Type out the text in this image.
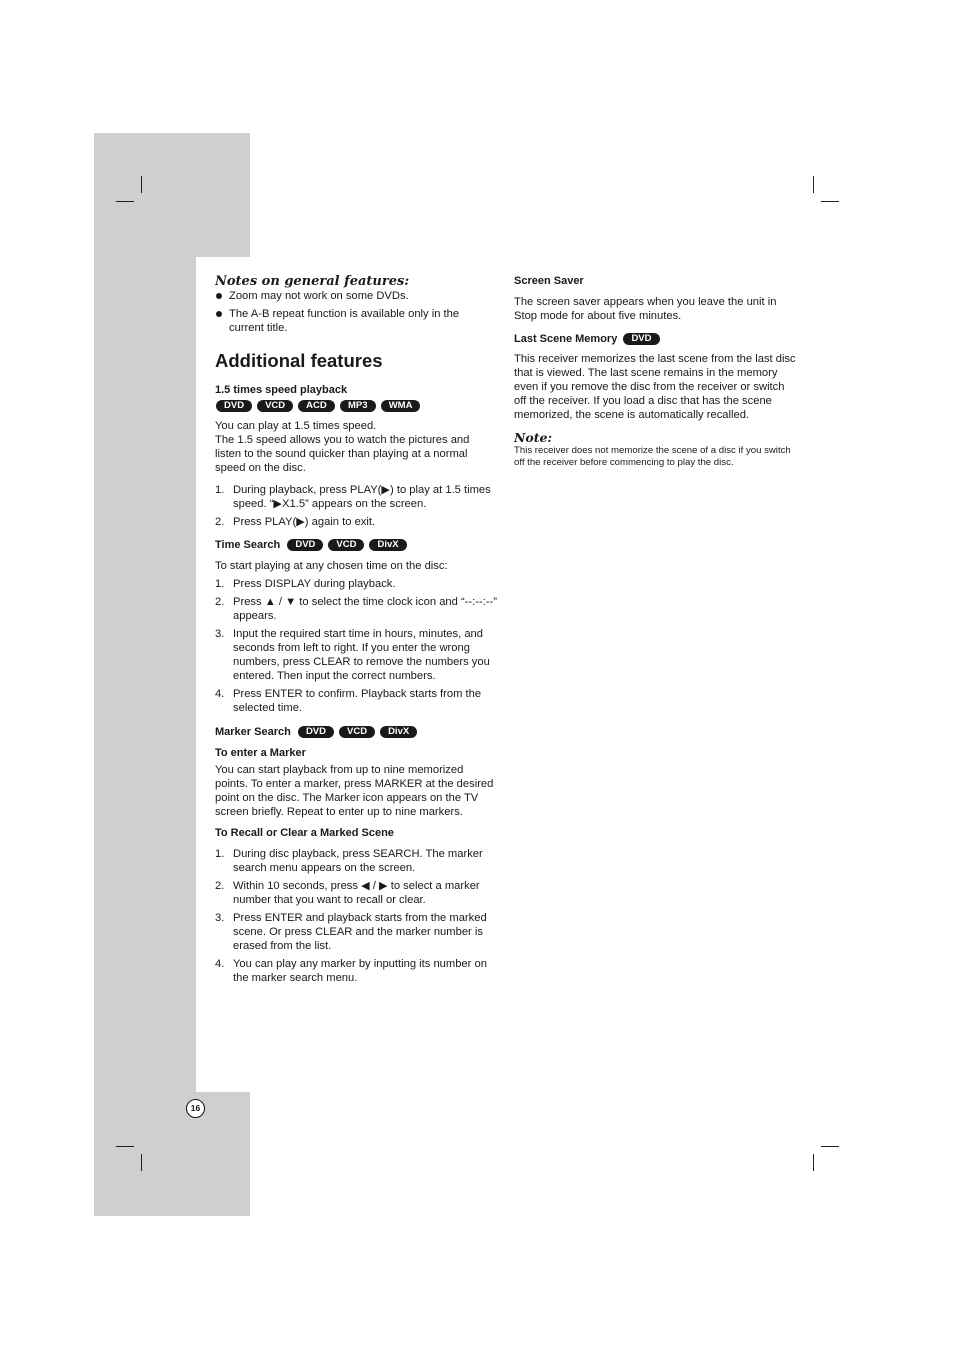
Notes on general features:

Zoom may not work on some DVDs.
The A-B repeat function is available only in the current title.
Additional features

1.5 times speed playback

DVD	VCD	ACD	MP3	WMA

You can play at 1.5 times speed.

The 1.5 speed allows you to watch the pictures and listen to the sound quicker than playing at a normal speed on the disc.

1. During playback, press PLAY(▶) to play at 1.5 times speed. “▶X1.5” appears on the screen.
2. Press PLAY(▶) again to exit.
Time Search	DVD	VCD	DivX

To start playing at any chosen time on the disc:

1. Press DISPLAY during playback.
2. Press ▲ / ▼ to select the time clock icon and “--:--:--” appears.
3. Input the required start time in hours, minutes, and seconds from left to right. If you enter the wrong numbers, press CLEAR to remove the numbers you entered. Then input the correct numbers.
4. Press ENTER to confirm. Playback starts from the selected time.
Marker Search	DVD	VCD	DivX

To enter a Marker

You can start playback from up to nine memorized points. To enter a marker, press MARKER at the desired point on the disc. The Marker icon appears on the TV screen briefly. Repeat to enter up to nine markers.

To Recall or Clear a Marked Scene

1. During disc playback, press SEARCH. The marker search menu appears on the screen.
2. Within 10 seconds, press ◀ / ▶ to select a marker number that you want to recall or clear.
3. Press ENTER and playback starts from the marked scene. Or press CLEAR and the marker number is erased from the list.
4. You can play any marker by inputting its number on the marker search menu.

Screen Saver

The screen saver appears when you leave the unit in Stop mode for about five minutes.

Last Scene Memory	DVD

This receiver memorizes the last scene from the last disc that is viewed. The last scene remains in the memory even if you remove the disc from the receiver or switch off the receiver. If you load a disc that has the scene memorized, the scene is automatically recalled.

Note:

This receiver does not memorize the scene of a disc if you switch off the receiver before commencing to play the disc.

16
